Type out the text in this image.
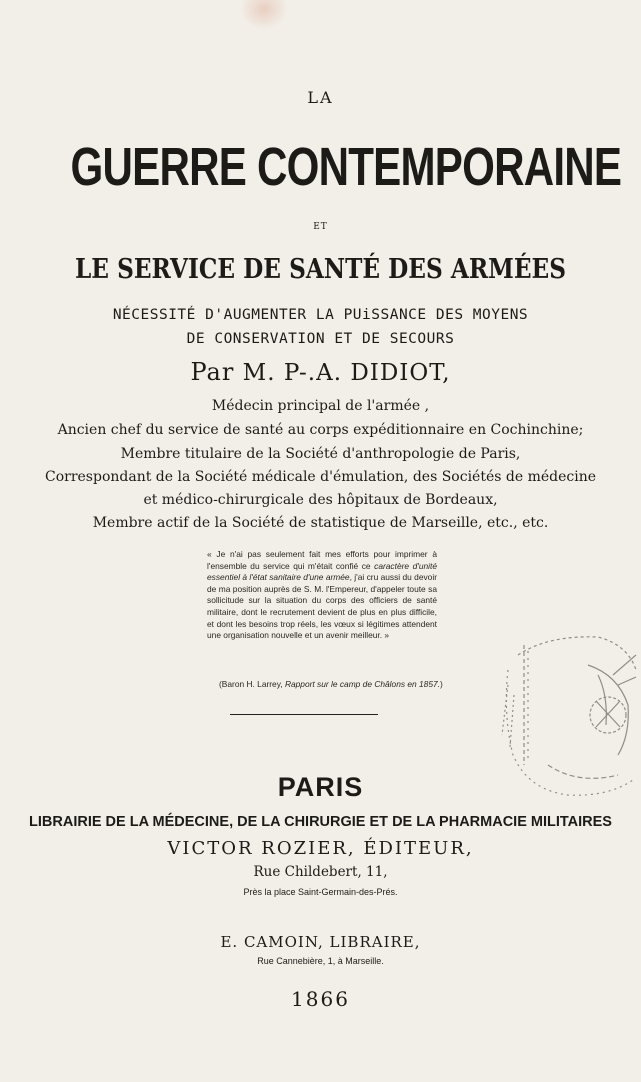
LA
GUERRE CONTEMPORAINE
ET
LE SERVICE DE SANTÉ DES ARMÉES
NÉCESSITÉ D'AUGMENTER LA PUiSSANCE DES MOYENS
DE CONSERVATION ET DE SECOURS
Par M. P-.A. DIDIOT,
Médecin principal de l'armée ,
Ancien chef du service de santé au corps expéditionnaire en Cochinchine;
Membre titulaire de la Société d'anthropologie de Paris,
Correspondant de la Société médicale d'émulation, des Sociétés de médecine
et médico-chirurgicale des hôpitaux de Bordeaux,
Membre actif de la Société de statistique de Marseille, etc., etc.
« Je n'ai pas seulement fait mes efforts pour imprimer à l'ensemble du service qui m'était confié ce caractère d'unité essentiel à l'état sanitaire d'une armée, j'ai cru aussi du devoir de ma position auprès de S. M. l'Empereur, d'appeler toute sa sollicitude sur la situation du corps des officiers de santé militaire, dont le recrutement devient de plus en plus difficile, et dont les besoins trop réels, les vœux si légitimes attendent une organisation nouvelle et un avenir meilleur. »
(Baron H. Larrey, Rapport sur le camp de Châlons en 1857.)
PARIS
LIBRAIRIE DE LA MÉDECINE, DE LA CHIRURGIE ET DE LA PHARMACIE MILITAIRES
VICTOR ROZIER, ÉDITEUR,
Rue Childebert, 11,
Près la place Saint-Germain-des-Prés.
E. CAMOIN, LIBRAIRE,
Rue Cannebière, 1, à Marseille.
1866
